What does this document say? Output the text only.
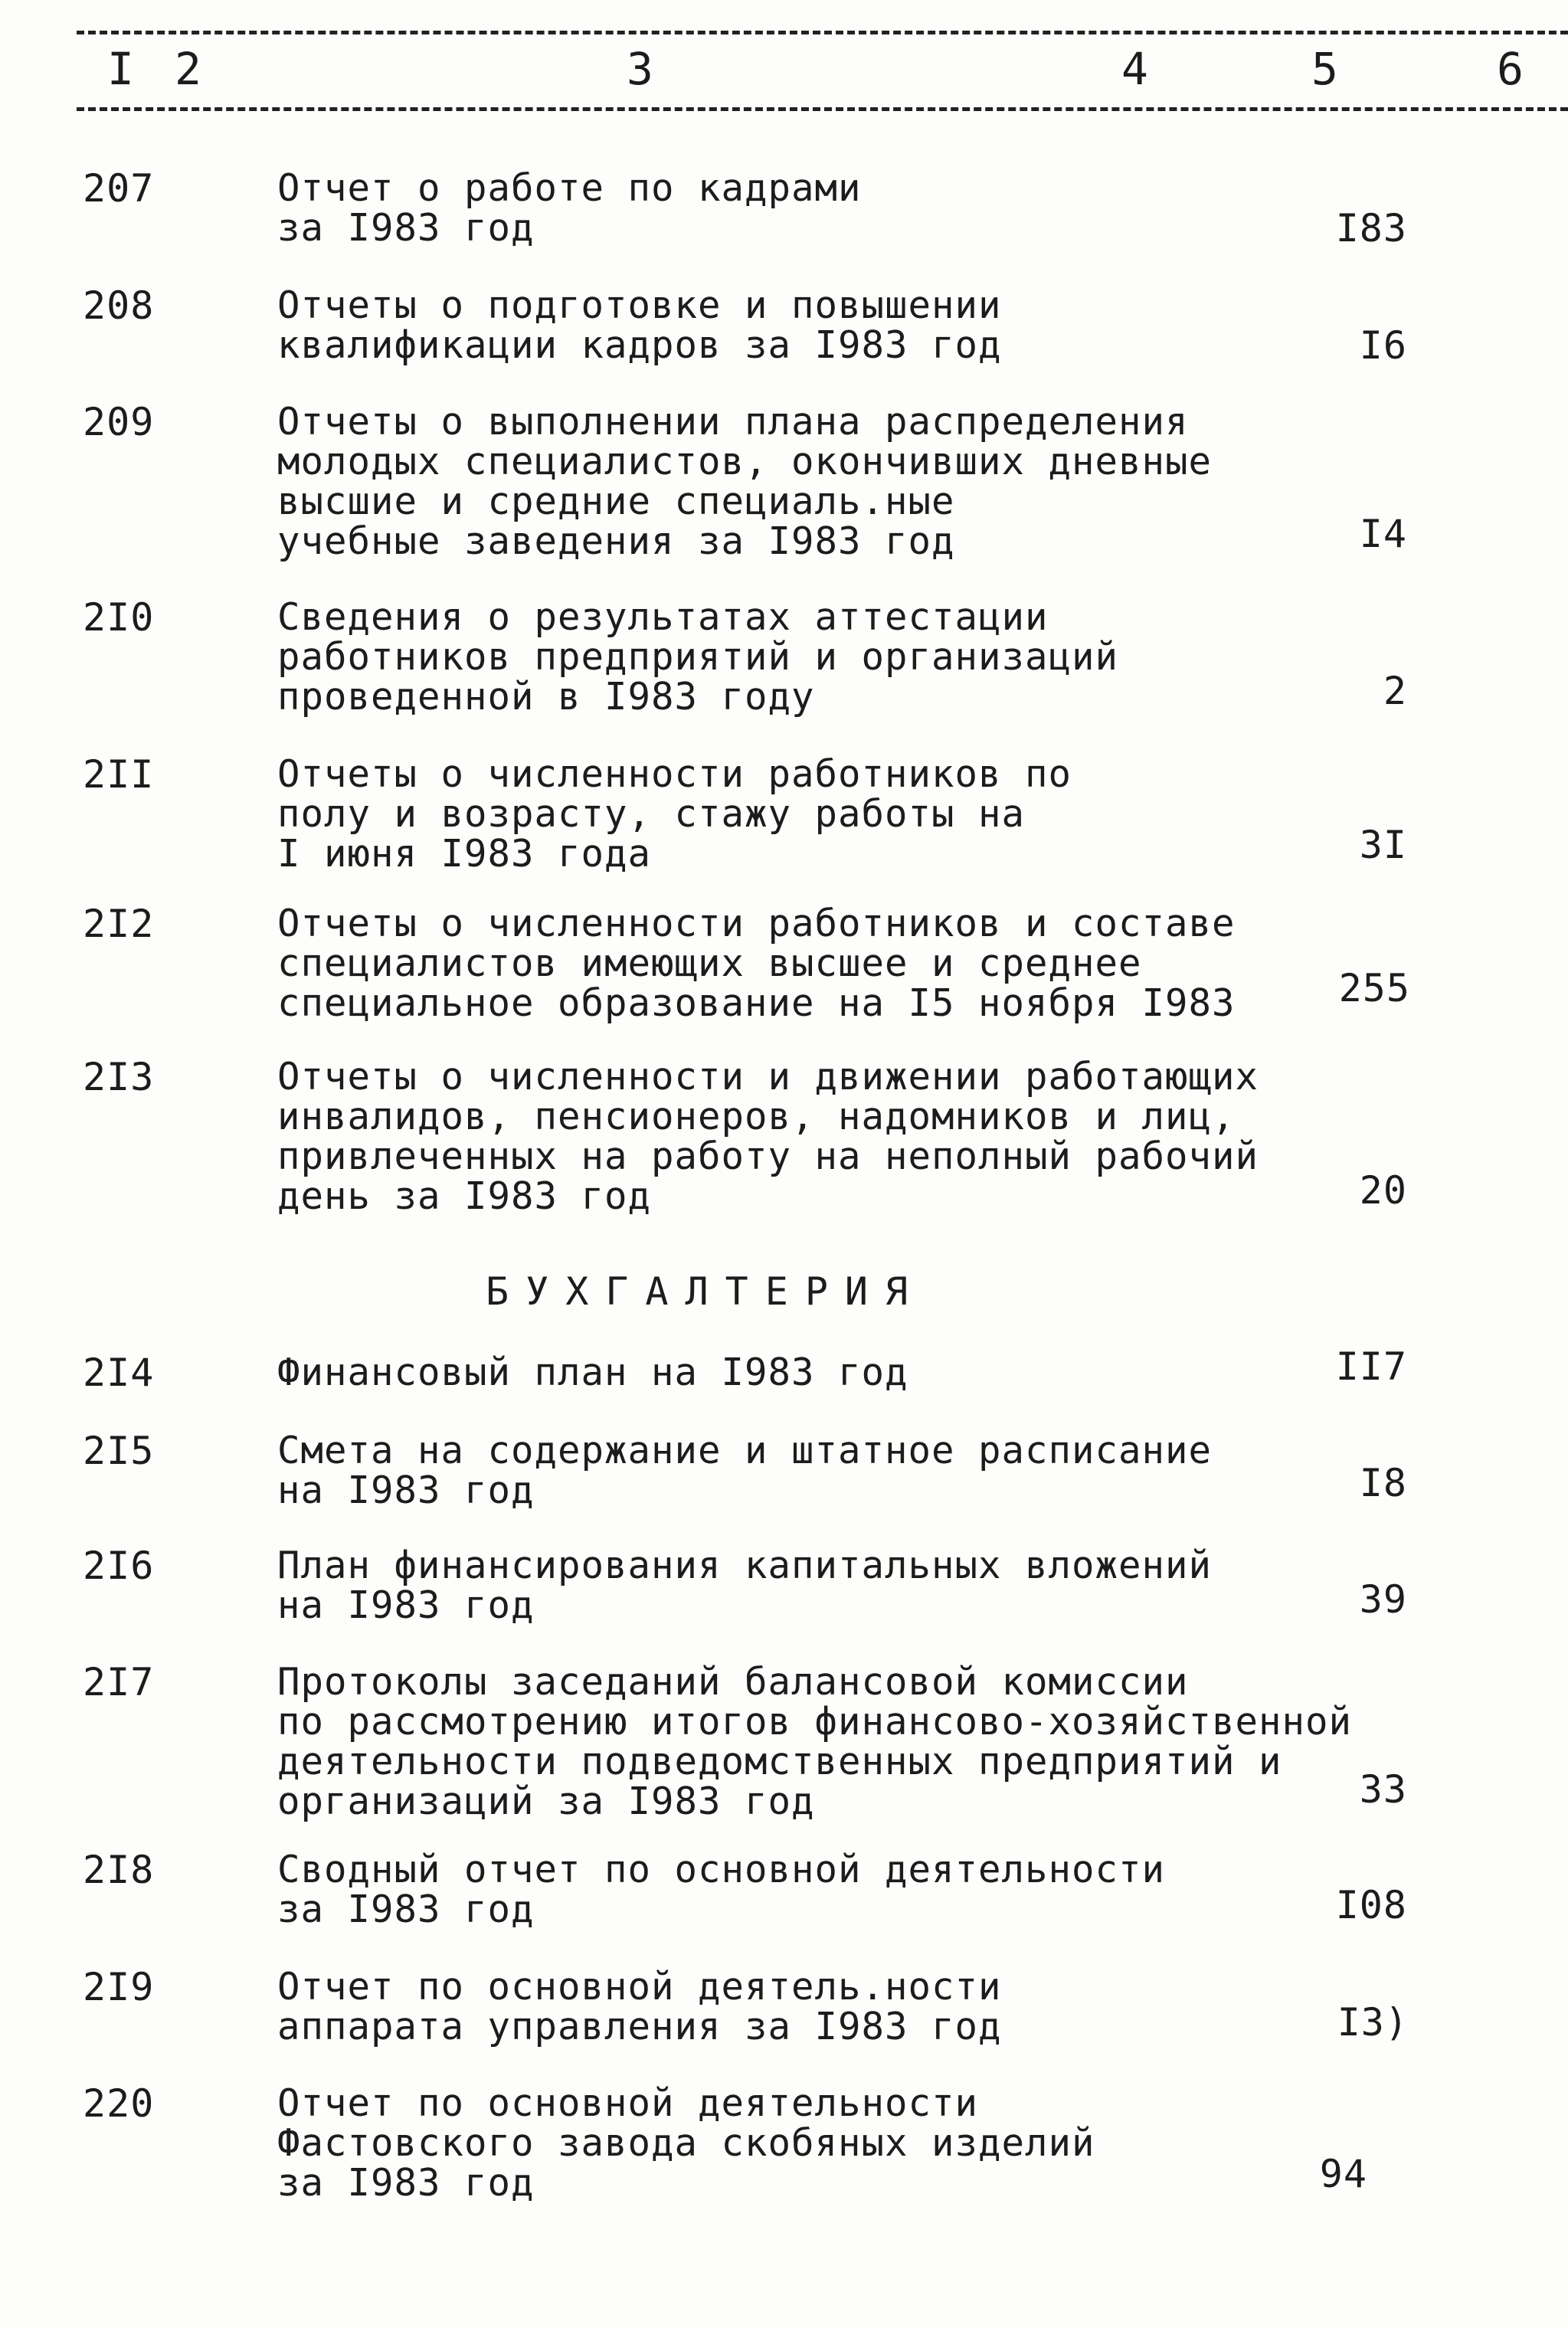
I 2	3	4	5	6
207	Отчет о работе по кадрами
за I983 год	I83
208	Отчеты о подготовке и повышении
квалификации кадров за I983 год	I6
209	Отчеты о выполнении плана распределения
молодых специалистов, окончивших дневные
высшие и средние специаль.ные
учебные заведения за I983 год	I4
2I0	Сведения о результатах аттестации
работников предприятий и организаций
проведенной в I983 году	2
2II	Отчеты о численности работников по
полу и возрасту, стажу работы на
I июня I983 года	3I
2I2	Отчеты о численности работников и составе
специалистов имеющих высшее и среднее
специальное образование на I5 ноября I983	255
2I3	Отчеты о численности и движении работающих
инвалидов, пенсионеров, надомников и лиц,
привлеченных на работу на неполный рабочий
день за I983 год	20
БУХГАЛТЕРИЯ
2I4	Финансовый план на I983 год	II7
2I5	Смета на содержание и штатное расписание
на I983 год	I8
2I6	План финансирования капитальных вложений
на I983 год	39
2I7	Протоколы заседаний балансовой комиссии
по рассмотрению итогов финансово-хозяйственной
деятельности подведомственных предприятий и
организаций за I983 год	33
2I8	Сводный отчет по основной деятельности
за I983 год	I08
2I9	Отчет по основной деятель.ности
аппарата управления за I983 год	I3)
220	Отчет по основной деятельности
Фастовского завода скобяных изделий
за I983 год	94
